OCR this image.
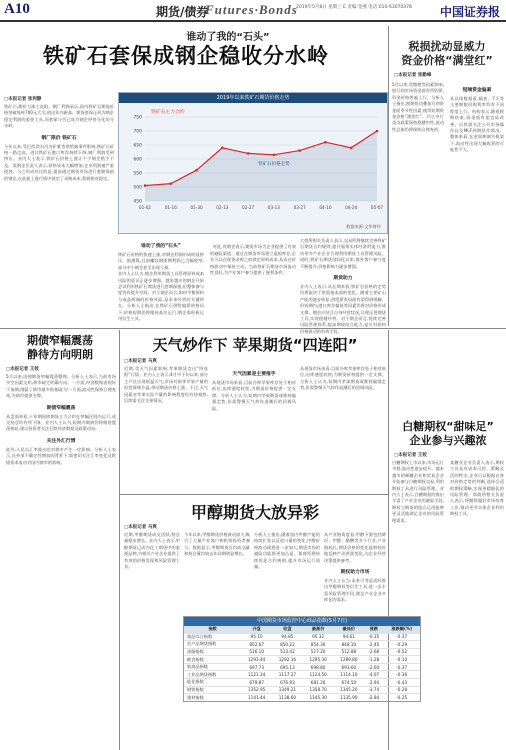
A10	期货/债券
Futures·Bonds
2019年5月8日 星期三 E 责编:金燕 电话:010-63070378	中国证券报
谁动了我的“石头”
铁矿石套保成钢企稳收分水岭	税损扰动显威力
资金价格“满堂红”
□本报记者 张勤峰
5月以来,受缴税等因素影响,银行间市场资金面有所收紧,资金价格普遍上行。分析人士指出,税期扰动叠加月初资金面季节性因素,使得短期资金价格“满堂红”。不过,央行货币政策保持稳健中性,流动性总体仍将保持合理充裕。
短端资金偏紧
从具体数据看,隔夜、7天等主要期限回购利率均有不同程度上行。机构表示,随着税期结束,资金面有望边际改善。后续需关注公开市场操作以及MLF到期续作情况。整体来看,在逆周期调节框架下,流动性出现大幅收紧的可能性不大。
□本报记者 张利静
铁矿石,期价大涨七连阳。钢厂利润承压,国内铁矿石期货价格突破每吨700元大关,创出年内新高。期货套保正成为钢企稳定利润的重要工具,而套保与否已成为钢企经营分化的分水岭。
钢厂限价 铁矿石
今年以来,受巴西淡水河谷矿难等供给端事件影响,铁矿石价格一路走高。进口铁矿石港口库存持续下降,钢厂利润受到挤压。业内人士表示,铁矿石价格上涨让不少钢企措手不及。某钢企负责人表示,原料成本大幅增加,企业利润被严重侵蚀。与之形成对比的是,提前通过期货市场进行套期保值的钢企,在此轮上涨行情中锁定了采购成本,利润相对稳定。
2019年以来铁矿石期货价格走势
450
500
550
600
650
700
750
01-02	01-16	01-30	02-13	02-27	03-13	03-27	04-10	04-24	05-07
铁矿石主力合约
铁矿石价格走势
数据来源:文华财经
谁动了我的“石头”
铁矿石价格的快速上涨,对钢企利润形成明显挤压。据测算,目前螺纹钢即期利润已大幅收窄,部分中小钢企甚至出现亏损。
业内人士认为,钢企利用期货工具管理原料成本风险的意识正逐步增强。越来越多的钢企开始尝试利用铁矿石期货进行套期保值,但整体参与度仍有提升空间。对于钢企而言,如何平衡原料与成品两端的价格风险,是未来经营的关键所在。分析人士指出,在铁矿石供给偏紧的格局下,价格短期仍将维持高位运行,钢企需积极运用衍生工具。

对此,有钢企表示,期货市场为企业提供了有效的避险渠道。通过在期货市场建立虚拟库存,企业可以在现货采购之前锁定原料成本,从而在价格波动中保持主动。当前铁矿石期货市场流动性良好,为产业客户参与提供了便利条件。

大商所相关负责人表示,交易所将继续完善铁矿石期货合约规则,提升服务实体经济的能力,推动更多产业企业合理利用期货工具管理风险。同时,铁矿石期货国际化以来,境外客户参与度不断提升,价格影响力逐步增强。
期货助力
业内人士表示,从长期来看,铁矿石价格的走势仍将取决于供需基本面的变化。随着主要矿山产能的逐步恢复,供给紧张局面有望得到缓解。但短期内,港口库存偏低等因素仍将对价格形成支撑。钢企应结合自身经营状况,合理运用期货工具,实现稳健经营。对于钢企而言,持续完善风险管理体系,提高期现结合能力,是应对原料价格波动的有效手段。
期债窄幅震荡
静待方向明朗
□本报记者 王姣
5月以来,国债期货窄幅震荡整理。分析人士表示,当前市场多空因素交织,债市缺乏明确方向。一方面,经济数据表现好于预期,削弱了债市做多的基础;另一方面,流动性保持合理充裕,为债市提供支撑。
期债窄幅震荡
从盘面来看,十年期国债期货主力合约在窄幅区间内运行,成交持仓均有所下降。业内人士认为,短期内期债仍将维持震荡格局,建议投资者关注后续经济数据及政策动向。
关注外汇行情
此外,人民币汇率波动也对债市产生一定影响。分析人士表示,在外部不确定性增加的背景下,需密切关注汇率变化及跨境资本流动对国内债市的影响。
天气炒作下 苹果期货“四连阳”
□本报记者 马爽
近期,受天气因素影响,苹果期货走出“四连阳”行情。业内人士表示,4月中下旬以来,部分主产区出现低温天气,市场对新季苹果产量的担忧情绪升温,带动期货价格上涨。不过,天气因素对苹果实际产量的影响程度仍有待观察,后续需关注坐果情况。
天气因素是主要推手
从现货市场来看,目前冷库苹果库存处于相对低位,出库速度较快,为期货价格提供一定支撑。分析人士认为,短期内苹果期货或维持偏强走势,但需警惕天气炒作退潮后的回调风险。
从现货市场来看,目前冷库苹果库存处于相对低位,出库速度较快,为期货价格提供一定支撑。分析人士认为,短期内苹果期货或维持偏强走势,但需警惕天气炒作退潮后的回调风险。
白糖期权“甜味足”
企业参与兴趣浓
□本报记者 王姣
白糖期权上市以来,市场运行平稳,流动性逐步提升。越来越多的制糖企业和贸易企业开始参与白糖期权交易,利用期权工具进行风险管理。业内人士表示,白糖期权的推出丰富了产业企业的避险手段,期权与期货的组合运用能够更灵活地满足企业的风险管理需求。
某糖业企业负责人表示,期权工具具有成本可控、策略灵活的特点,企业可以根据自身对价格走势的判断,选择合适的期权策略,实现更精细化的风险管理。郑商所相关负责人表示,将继续做好市场培育工作,推动更多实体企业利用期权工具。
甲醇期货大放异彩
□本报记者 马爽
近期,甲醇期货成交活跃,持仓量稳步增长。业内人士表示,甲醇期货已成为化工期货中的重要品种,为相关产业企业提供了有效的价格发现和风险管理工具。
今年以来,甲醇期货价格波动加大,吸引了大量产业客户和机构投资者参与。数据显示,甲醇期货日均成交量和持仓量均较去年同期明显增长。
分析人士指出,随着国内甲醇产能的持续扩张以及进口量的变化,甲醇价格波动或将进一步加大,期货市场的避险功能将更加凸显。郑商所将持续优化合约规则,提升市场运行质量。
从产业链角度看,甲醇下游包括烯烃、甲醛、醋酸等多个行业,产业链较长,期货价格的变化能够较好地反映产业供需变化,为企业经营决策提供参考。
期权助力市场
业内人士认为,未来可考虑适时推出甲醇期权等衍生工具,进一步丰富风险管理手段,满足产业企业多样化的需求。
中国期货市场监控中心商品指数(5月7日)
指数	开盘	收盘	最高价	最低价	涨跌	涨跌幅(%)
商品综合指数	95.10	94.85	95.32	94.61	-0.35	-0.37
农产品期货指数	852.67	850.22	854.30	848.10	-2.45	-0.29
油脂指数	516.10	513.42	517.20	512.88	-2.68	-0.52
粮食指数	1293.44	1292.16	1295.30	1289.80	-1.28	-0.10
软商品指数	697.73	695.13	698.80	693.60	-2.60	-0.37
工业品期货指数	1121.34	1117.27	1124.50	1114.10	-4.07	-0.36
能化指数	679.87	676.93	681.20	674.50	-2.94	-0.43
钢铁指数	1352.95	1349.21	1358.70	1345.20	-3.74	-0.28
建材指数	1141.44	1138.60	1145.30	1135.90	-2.84	-0.25
